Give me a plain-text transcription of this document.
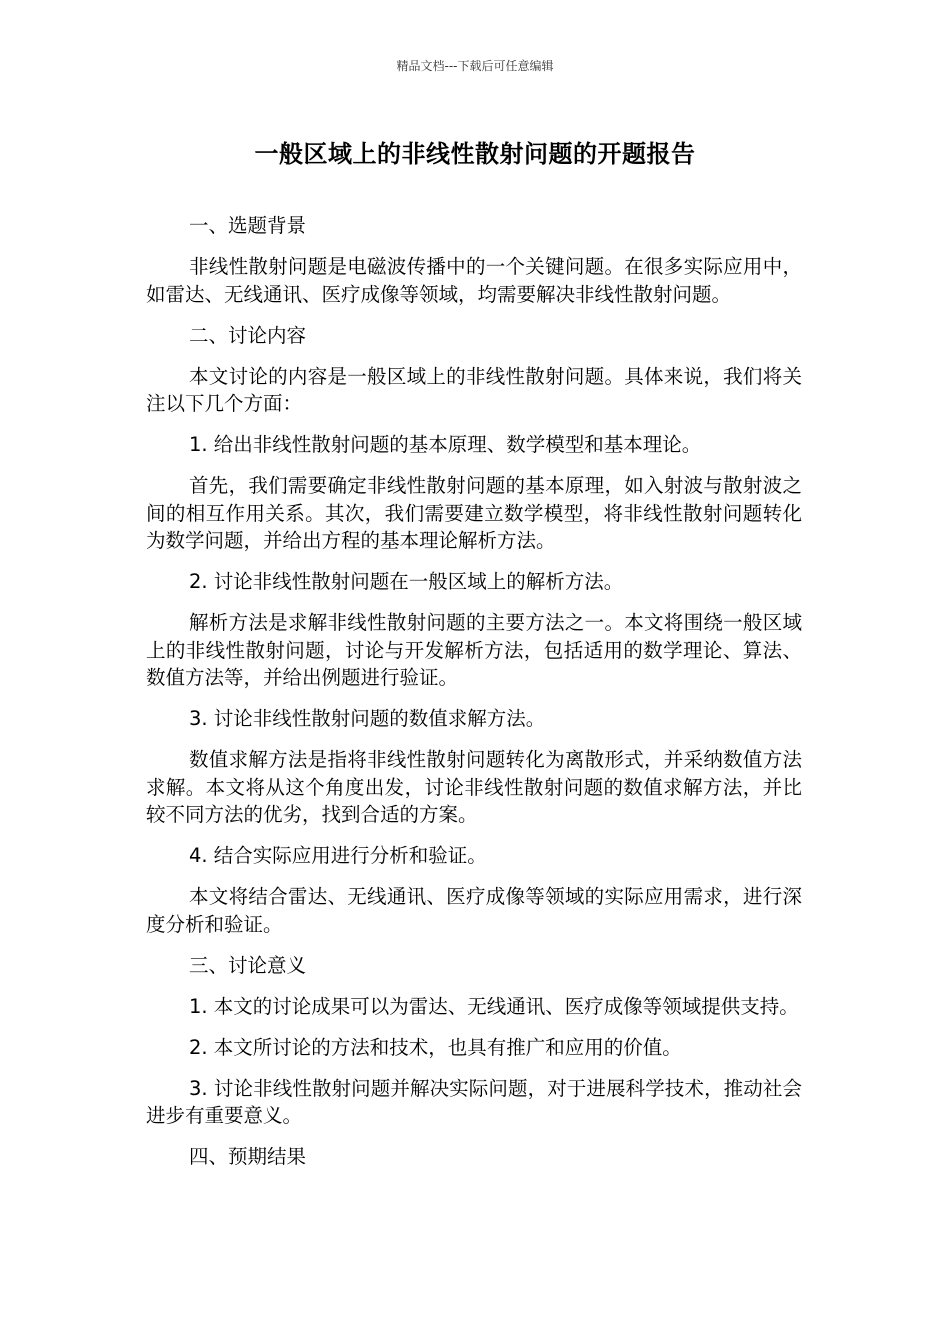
精品文档---下载后可任意编辑
一般区域上的非线性散射问题的开题报告

一、选题背景

非线性散射问题是电磁波传播中的一个关键问题。在很多实际应用中，如雷达、无线通讯、医疗成像等领域，均需要解决非线性散射问题。

二、讨论内容

本文讨论的内容是一般区域上的非线性散射问题。具体来说，我们将关注以下几个方面：

1. 给出非线性散射问题的基本原理、数学模型和基本理论。

首先，我们需要确定非线性散射问题的基本原理，如入射波与散射波之间的相互作用关系。其次，我们需要建立数学模型，将非线性散射问题转化为数学问题，并给出方程的基本理论解析方法。

2. 讨论非线性散射问题在一般区域上的解析方法。

解析方法是求解非线性散射问题的主要方法之一。本文将围绕一般区域上的非线性散射问题，讨论与开发解析方法，包括适用的数学理论、算法、数值方法等，并给出例题进行验证。

3. 讨论非线性散射问题的数值求解方法。

数值求解方法是指将非线性散射问题转化为离散形式，并采纳数值方法求解。本文将从这个角度出发，讨论非线性散射问题的数值求解方法，并比较不同方法的优劣，找到合适的方案。

4. 结合实际应用进行分析和验证。

本文将结合雷达、无线通讯、医疗成像等领域的实际应用需求，进行深度分析和验证。

三、讨论意义

1. 本文的讨论成果可以为雷达、无线通讯、医疗成像等领域提供支持。

2. 本文所讨论的方法和技术，也具有推广和应用的价值。

3. 讨论非线性散射问题并解决实际问题，对于进展科学技术，推动社会进步有重要意义。

四、预期结果
